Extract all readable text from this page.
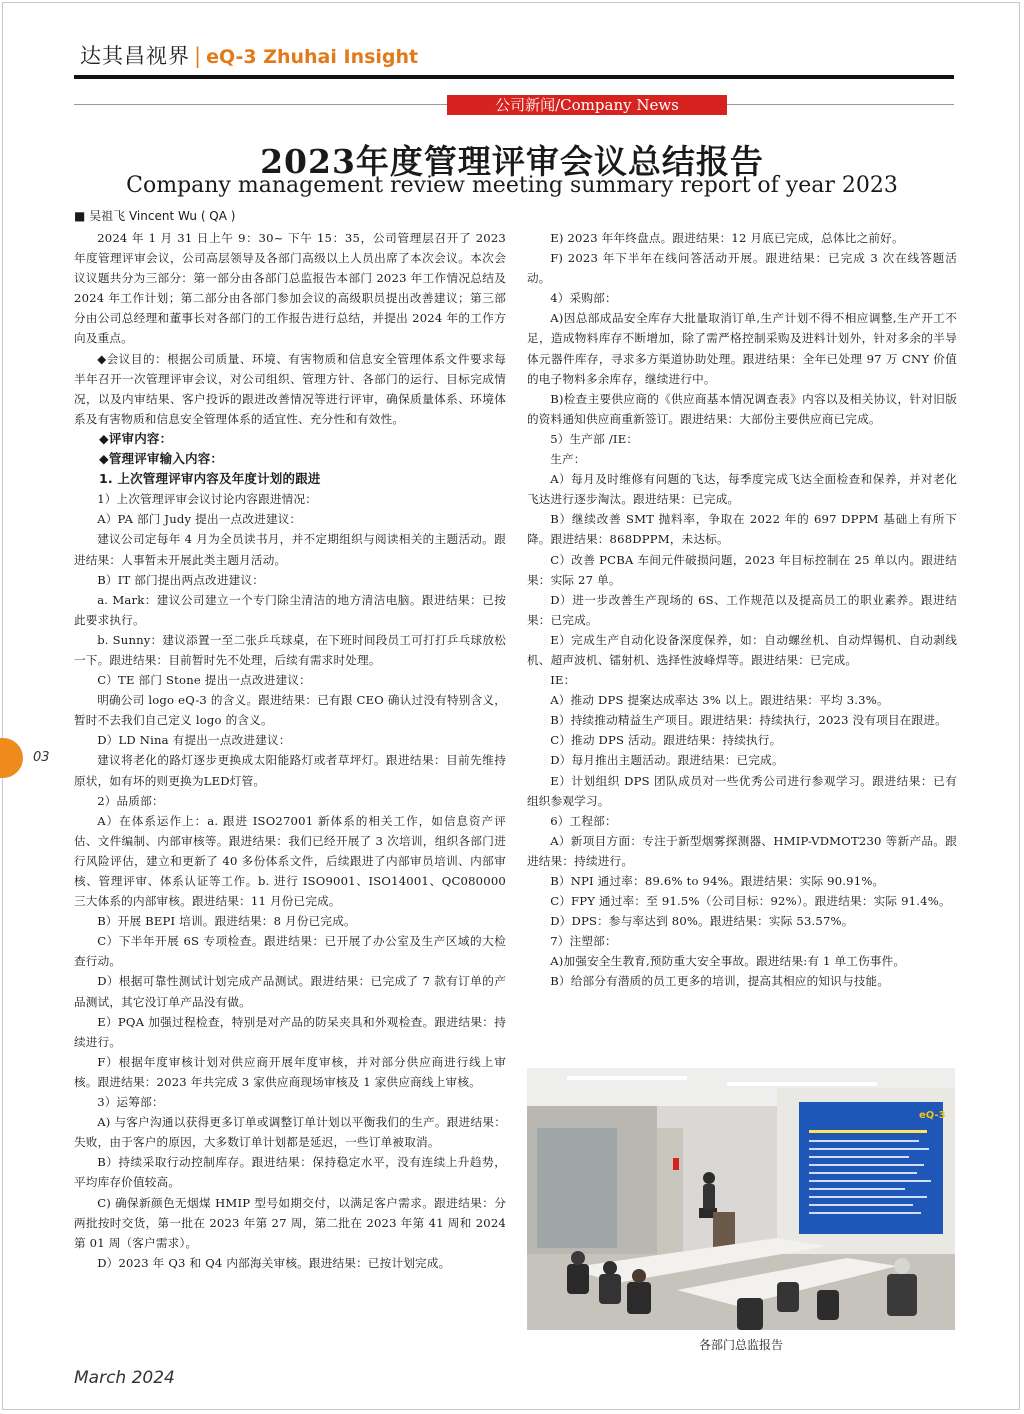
达其昌视界 | eQ-3 Zhuhai Insight
公司新闻/Company News
2023年度管理评审会议总结报告
Company management review meeting summary report of year 2023
■ 吴祖飞 Vincent Wu ( QA )

2024 年 1 月 31 日上午 9：30~ 下午 15：35，公司管理层召开了 2023 年度管理评审会议，公司高层领导及各部门高级以上人员出席了本次会议。本次会议议题共分为三部分：第一部分由各部门总监报告本部门 2023 年工作情况总结及 2024 年工作计划；第二部分由各部门参加会议的高级职员提出改善建议；第三部分由公司总经理和董事长对各部门的工作报告进行总结，并提出 2024 年的工作方向及重点。

◆会议目的：根据公司质量、环境、有害物质和信息安全管理体系文件要求每半年召开一次管理评审会议，对公司组织、管理方针、各部门的运行、目标完成情况，以及内审结果、客户投诉的跟进改善情况等进行评审，确保质量体系、环境体系及有害物质和信息安全管理体系的适宜性、充分性和有效性。

◆评审内容：

◆管理评审输入内容：

1. 上次管理评审内容及年度计划的跟进

1）上次管理评审会议讨论内容跟进情况：

A）PA 部门 Judy 提出一点改进建议：

建议公司定每年 4 月为全员读书月，并不定期组织与阅读相关的主题活动。跟进结果：人事暂未开展此类主题月活动。

B）IT 部门提出两点改进建议：

a. Mark：建议公司建立一个专门除尘清洁的地方清洁电脑。跟进结果：已按此要求执行。

b. Sunny：建议添置一至二张乒乓球桌，在下班时间段员工可打打乒乓球放松一下。跟进结果：目前暂时先不处理，后续有需求时处理。

C）TE 部门 Stone 提出一点改进建议：

明确公司 logo eQ-3 的含义。跟进结果：已有跟 CEO 确认过没有特别含义，暂时不去我们自己定义 logo 的含义。

D）LD Nina 有提出一点改进建议：

建议将老化的路灯逐步更换成太阳能路灯或者草坪灯。跟进结果：目前先维持原状，如有坏的则更换为LED灯管。

2）品质部：

A）在体系运作上：a. 跟进 ISO27001 新体系的相关工作，如信息资产评估、文件编制、内部审核等。跟进结果：我们已经开展了 3 次培训，组织各部门进行风险评估，建立和更新了 40 多份体系文件，后续跟进了内部审员培训、内部审核、管理评审、体系认证等工作。b. 进行 ISO9001、ISO14001、QC080000 三大体系的内部审核。跟进结果：11 月份已完成。

B）开展 BEPI 培训。跟进结果：8 月份已完成。

C）下半年开展 6S 专项检查。跟进结果：已开展了办公室及生产区域的大检查行动。

D）根据可靠性测试计划完成产品测试。跟进结果：已完成了 7 款有订单的产品测试，其它没订单产品没有做。

E）PQA 加强过程检查，特别是对产品的防呆夹具和外观检查。跟进结果：持续进行。

F）根据年度审核计划对供应商开展年度审核，并对部分供应商进行线上审核。跟进结果：2023 年共完成 3 家供应商现场审核及 1 家供应商线上审核。

3）运筹部：

A) 与客户沟通以获得更多订单或调整订单计划以平衡我们的生产。跟进结果：失败，由于客户的原因，大多数订单计划都是延迟，一些订单被取消。

B）持续采取行动控制库存。跟进结果：保持稳定水平，没有连续上升趋势，平均库存价值较高。

C) 确保新颜色无烟煤 HMIP 型号如期交付，以满足客户需求。跟进结果：分两批按时交货，第一批在 2023 年第 27 周，第二批在 2023 年第 41 周和 2024 第 01 周（客户需求）。

D）2023 年 Q3 和 Q4 内部海关审核。跟进结果：已按计划完成。

E) 2023 年年终盘点。跟进结果：12 月底已完成，总体比之前好。

F) 2023 年下半年在线问答活动开展。跟进结果：已完成 3 次在线答题活动。

4）采购部：

A)因总部成品安全库存大批量取消订单,生产计划不得不相应调整,生产开工不足，造成物料库存不断增加，除了需严格控制采购及进料计划外，针对多余的半导体元器件库存，寻求多方渠道协助处理。跟进结果：全年已处理 97 万 CNY 价值的电子物料多余库存，继续进行中。

B)检查主要供应商的《供应商基本情况调查表》内容以及相关协议，针对旧版的资料通知供应商重新签订。跟进结果：大部份主要供应商已完成。

5）生产部 /IE：

生产：

A）每月及时维修有问题的飞达，每季度完成飞达全面检查和保养，并对老化飞达进行逐步淘汰。跟进结果：已完成。

B）继续改善 SMT 抛料率，争取在 2022 年的 697 DPPM 基础上有所下降。跟进结果：868DPPM，未达标。

C）改善 PCBA 车间元件破损问题，2023 年目标控制在 25 单以内。跟进结果：实际 27 单。

D）进一步改善生产现场的 6S、工作规范以及提高员工的职业素养。跟进结果：已完成。

E）完成生产自动化设备深度保养，如：自动螺丝机、自动焊锡机、自动剥线机、超声波机、镭射机、选择性波峰焊等。跟进结果：已完成。

IE：

A）推动 DPS 提案达成率达 3% 以上。跟进结果：平均 3.3%。

B）持续推动精益生产项目。跟进结果：持续执行，2023 没有项目在跟进。

C）推动 DPS 活动。跟进结果：持续执行。

D）每月推出主题活动。跟进结果：已完成。

E）计划组织 DPS 团队成员对一些优秀公司进行参观学习。跟进结果：已有组织参观学习。

6）工程部：

A）新项目方面：专注于新型烟雾探测器、HMIP-VDMOT230 等新产品。跟进结果：持续进行。

B）NPI 通过率：89.6% to 94%。跟进结果：实际 90.91%。

C）FPY 通过率：至 91.5%（公司目标：92%）。跟进结果：实际 91.4%。

D）DPS：参与率达到 80%。跟进结果：实际 53.57%。

7）注塑部：

A)加强安全生教育,预防重大安全事故。跟进结果:有 1 单工伤事件。

B）给部分有潜质的员工更多的培训，提高其相应的知识与技能。

eQ-3
各部门总监报告
03
March 2024
